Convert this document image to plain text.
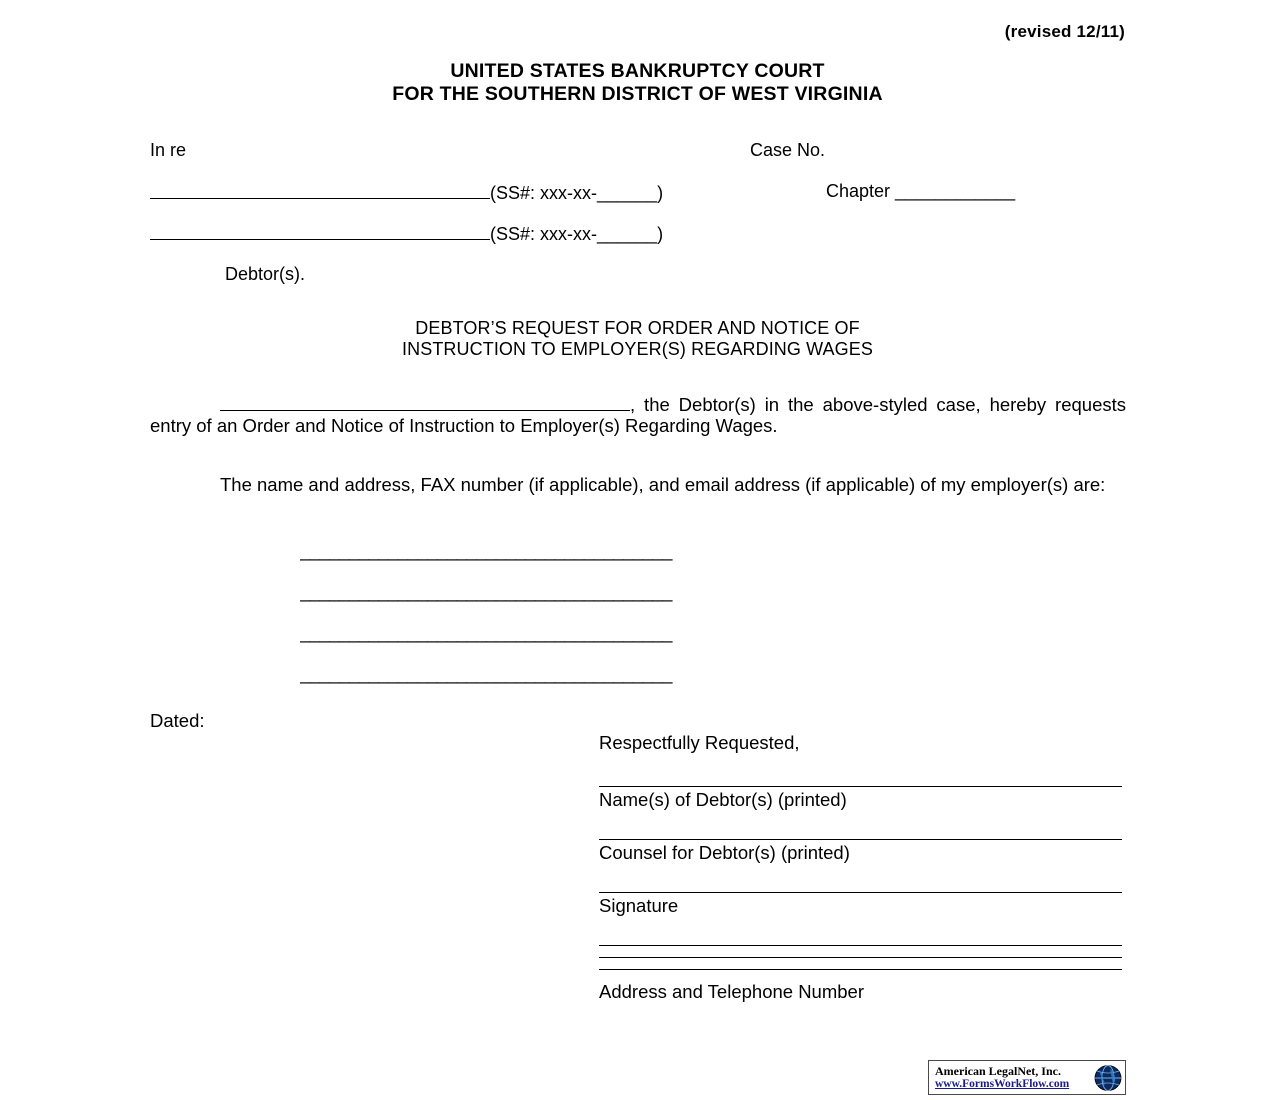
(revised 12/11)
UNITED STATES BANKRUPTCY COURT
FOR THE SOUTHERN DISTRICT OF WEST VIRGINIA
In re	Case No.
(SS#: xxx-xx-______)	Chapter ____________
(SS#: xxx-xx-______)
Debtor(s).
DEBTOR’S REQUEST FOR ORDER AND NOTICE OF
INSTRUCTION TO EMPLOYER(S) REGARDING WAGES
, the Debtor(s) in the above-styled case, hereby requests entry of an Order and Notice of Instruction to Employer(s) Regarding Wages.
The name and address, FAX number (if applicable), and email address (if applicable) of my employer(s) are:
______________________________________
______________________________________
______________________________________
______________________________________
Dated:
Respectfully Requested,
Name(s) of Debtor(s) (printed)
Counsel for Debtor(s) (printed)
Signature
Address and Telephone Number
American LegalNet, Inc.
www.FormsWorkFlow.com
